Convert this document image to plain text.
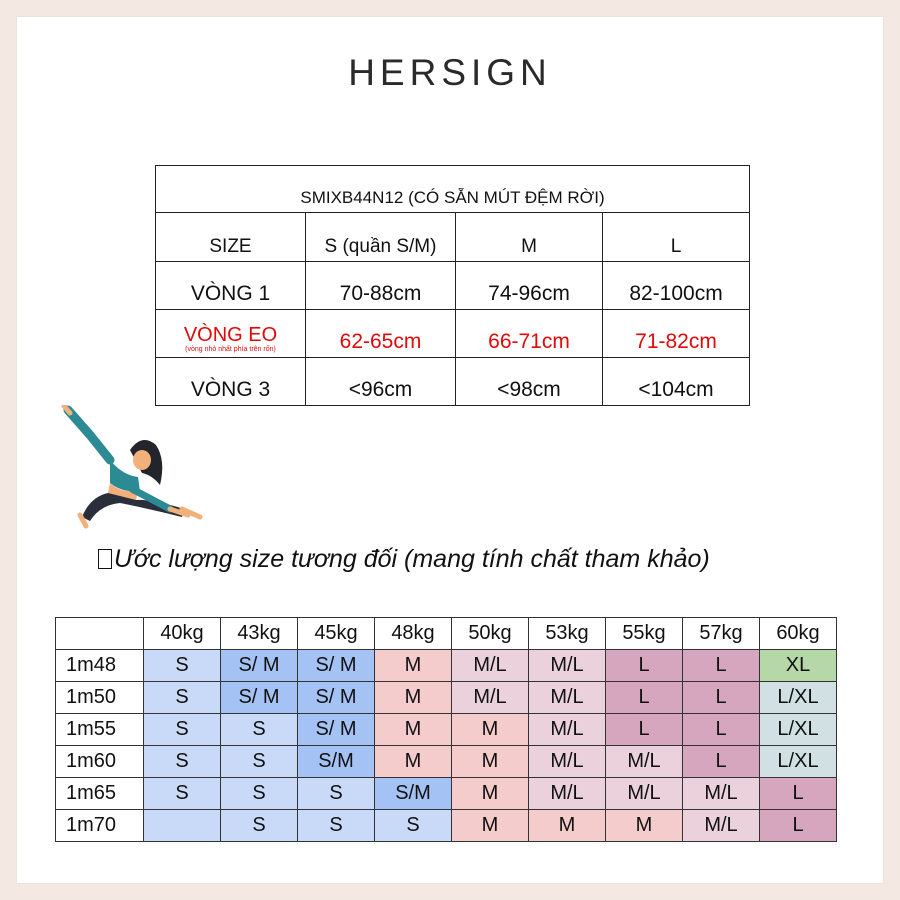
HERSIGN
SMIXB44N12 (CÓ SẴN MÚT ĐỆM RỜI)			
SIZE	S (quần S/M)	M	L
VÒNG 1	70-88cm	74-96cm	82-100cm

VÒNG EO
(vòng nhỏ nhất phía trên rốn)	62-65cm	66-71cm	71-82cm
VÒNG 3	<96cm	<98cm	<104cm
Ước lượng size tương đối (mang tính chất tham khảo)
	40kg	43kg	45kg	48kg	50kg	53kg	55kg	57kg	60kg
1m48	S	S/ M	S/ M	M	M/L	M/L	L	L	XL
1m50	S	S/ M	S/ M	M	M/L	M/L	L	L	L/XL
1m55	S	S	S/ M	M	M	M/L	L	L	L/XL
1m60	S	S	S/M	M	M	M/L	M/L	L	L/XL
1m65	S	S	S	S/M	M	M/L	M/L	M/L	L
1m70		S	S	S	M	M	M	M/L	L
